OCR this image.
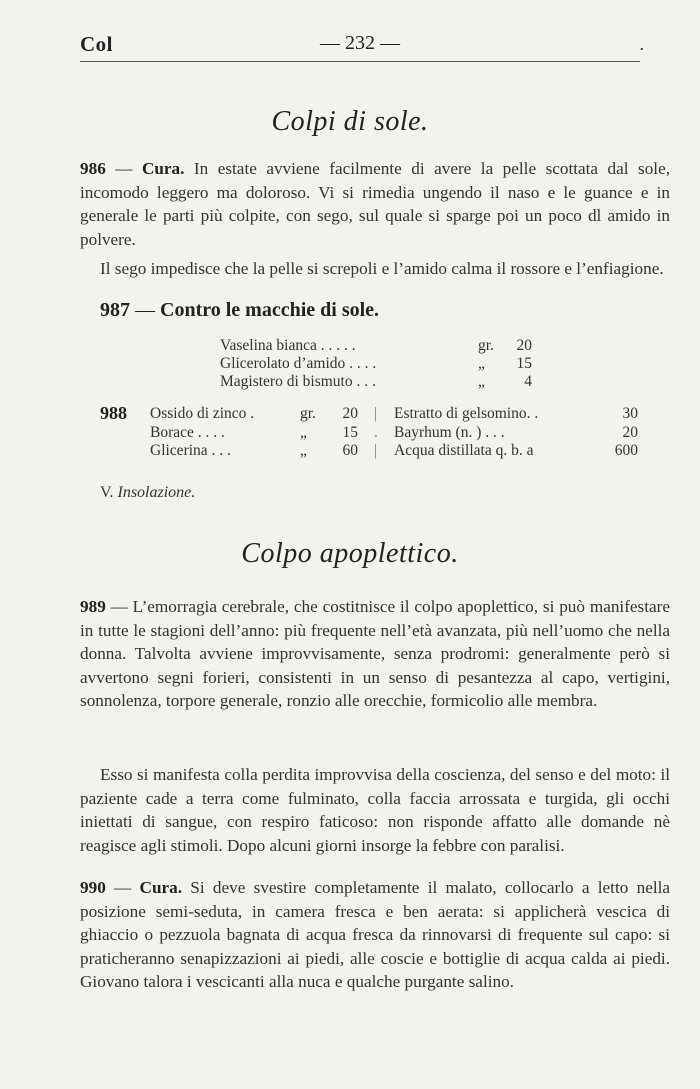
Col	— 232 —	.
Colpi di sole.
986 — Cura. In estate avviene facilmente di avere la pelle scottata dal sole, incomodo leggero ma doloroso. Vi si rimedia ungendo il naso e le guance e in generale le parti più colpite, con sego, sul quale si sparge poi un poco dl amido in polvere.
Il sego impedisce che la pelle si screpoli e l’amido calma il rossore e l’enfiagione.
987 — Contro le macchie di sole.
Vaselina bianca . . . . .	gr.	20
Glicerolato d’amido . . . .	„	15
Magistero di bismuto . . .	„	4
988 Ossido di zinco .	gr.	20 | Estratto di gelsomino. .	30
Borace . . . .	„	15 . Bayrhum (n. ) . . .	20
Glicerina . . .	„	60 | Acqua distillata q. b. a	600
V. Insolazione.
Colpo apoplettico.
989 — L’emorragia cerebrale, che costitnisce il colpo apoplettico, si può manifestare in tutte le stagioni dell’anno: più frequente nell’età avanzata, più nell’uomo che nella donna. Talvolta avviene improvvisamente, senza prodromi: generalmente però si avvertono segni forieri, consistenti in un senso di pesantezza al capo, vertigini, sonnolenza, torpore generale, ronzio alle orecchie, formicolio alle membra.
Esso si manifesta colla perdita improvvisa della coscienza, del senso e del moto: il paziente cade a terra come fulminato, colla faccia arrossata e turgida, gli occhi iniettati di sangue, con respiro faticoso: non risponde affatto alle domande nè reagisce agli stimoli. Dopo alcuni giorni insorge la febbre con paralisi.
990 — Cura. Si deve svestire completamente il malato, collocarlo a letto nella posizione semi-seduta, in camera fresca e ben aerata: si applicherà vescica di ghiaccio o pezzuola bagnata di acqua fresca da rinnovarsi di frequente sul capo: si praticheranno senapizzazioni ai piedi, alle coscie e bottiglie di acqua calda ai piedi. Giovano talora i vescicanti alla nuca e qualche purgante salino.
